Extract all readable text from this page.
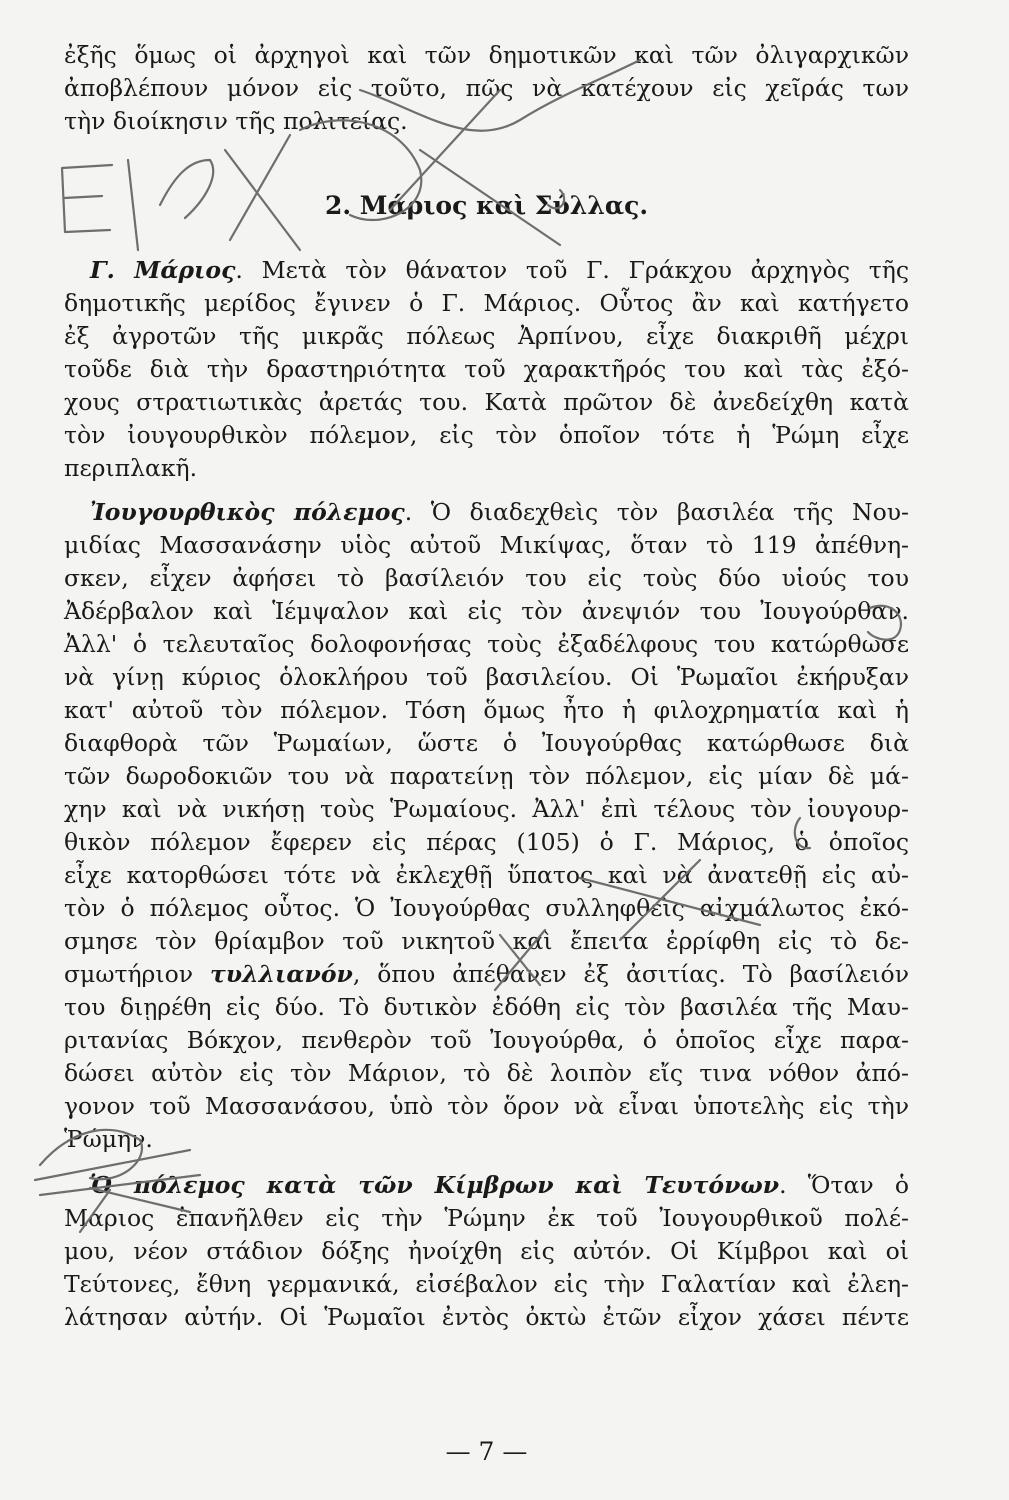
ἐξῆς ὅμως οἱ ἀρχηγοὶ καὶ τῶν δημοτικῶν καὶ τῶν ὀλιγαρχικῶν
ἀποβλέπουν μόνον εἰς τοῦτο, πῶς νὰ κατέχουν εἰς χεῖράς των
τὴν διοίκησιν τῆς πολιτείας.
Γ. Μάριος. Μετὰ τὸν θάνατον τοῦ Γ. Γράκχου ἀρχηγὸς τῆς
δημοτικῆς μερίδος ἔγινεν ὁ Γ. Μάριος. Οὗτος ἂν καὶ κατήγετο
ἐξ ἀγροτῶν τῆς μικρᾶς πόλεως Ἀρπίνου, εἶχε διακριθῆ μέχρι
τοῦδε διὰ τὴν δραστηριότητα τοῦ χαρακτῆρός του καὶ τὰς ἐξό-
χους στρατιωτικὰς ἀρετάς του. Κατὰ πρῶτον δὲ ἀνεδείχθη κατὰ
τὸν ἰουγουρθικὸν πόλεμον, εἰς τὸν ὁποῖον τότε ἡ Ῥώμη εἶχε
περιπλακῆ.
Ἰουγουρθικὸς πόλεμος. Ὁ διαδεχθεὶς τὸν βασιλέα τῆς Νου-
μιδίας Μασσανάσην υἱὸς αὐτοῦ Μικίψας, ὅταν τὸ 119 ἀπέθνη-
σκεν, εἶχεν ἀφήσει τὸ βασίλειόν του εἰς τοὺς δύο υἱούς του
Ἀδέρβαλον καὶ Ἱέμψαλον καὶ εἰς τὸν ἀνεψιόν του Ἰουγούρθαν.
Ἀλλ' ὁ τελευταῖος δολοφονήσας τοὺς ἐξαδέλφους του κατώρθωσε
νὰ γίνῃ κύριος ὁλοκλήρου τοῦ βασιλείου. Οἱ Ῥωμαῖοι ἐκήρυξαν
κατ' αὐτοῦ τὸν πόλεμον. Τόση ὅμως ἦτο ἡ φιλοχρηματία καὶ ἡ
διαφθορὰ τῶν Ῥωμαίων, ὥστε ὁ Ἰουγούρθας κατώρθωσε διὰ
τῶν δωροδοκιῶν του νὰ παρατείνῃ τὸν πόλεμον, εἰς μίαν δὲ μά-
χην καὶ νὰ νικήσῃ τοὺς Ῥωμαίους. Ἀλλ' ἐπὶ τέλους τὸν ἰουγουρ-
θικὸν πόλεμον ἔφερεν εἰς πέρας (105) ὁ Γ. Μάριος, ὁ ὁποῖος
εἶχε κατορθώσει τότε νὰ ἐκλεχθῇ ὕπατος καὶ νὰ ἀνατεθῇ εἰς αὐ-
τὸν ὁ πόλεμος οὗτος. Ὁ Ἰουγούρθας συλληφθεὶς αἰχμάλωτος ἐκό-
σμησε τὸν θρίαμβον τοῦ νικητοῦ καὶ ἔπειτα ἐρρίφθη εἰς τὸ δε-
σμωτήριον τυλλιανόν, ὅπου ἀπέθανεν ἐξ ἀσιτίας. Τὸ βασίλειόν
του διῃρέθη εἰς δύο. Τὸ δυτικὸν ἐδόθη εἰς τὸν βασιλέα τῆς Μαυ-
ριτανίας Βόκχον, πενθερὸν τοῦ Ἰουγούρθα, ὁ ὁποῖος εἶχε παρα-
δώσει αὐτὸν εἰς τὸν Μάριον, τὸ δὲ λοιπὸν εἴς τινα νόθον ἀπό-
γονον τοῦ Μασσανάσου, ὑπὸ τὸν ὅρον νὰ εἶναι ὑποτελὴς εἰς τὴν
Ῥώμην.
Ὁ πόλεμος κατὰ τῶν Κίμβρων καὶ Τευτόνων. Ὅταν ὁ
Μάριος ἐπανῆλθεν εἰς τὴν Ῥώμην ἐκ τοῦ Ἰουγουρθικοῦ πολέ-
μου, νέον στάδιον δόξης ἠνοίχθη εἰς αὐτόν. Οἱ Κίμβροι καὶ οἱ
Τεύτονες, ἔθνη γερμανικά, εἰσέβαλον εἰς τὴν Γαλατίαν καὶ ἐλεη-
λάτησαν αὐτήν. Οἱ Ῥωμαῖοι ἐντὸς ὀκτὼ ἐτῶν εἶχον χάσει πέντε
2. Μάριος καὶ Σύλλας.
— 7 —
